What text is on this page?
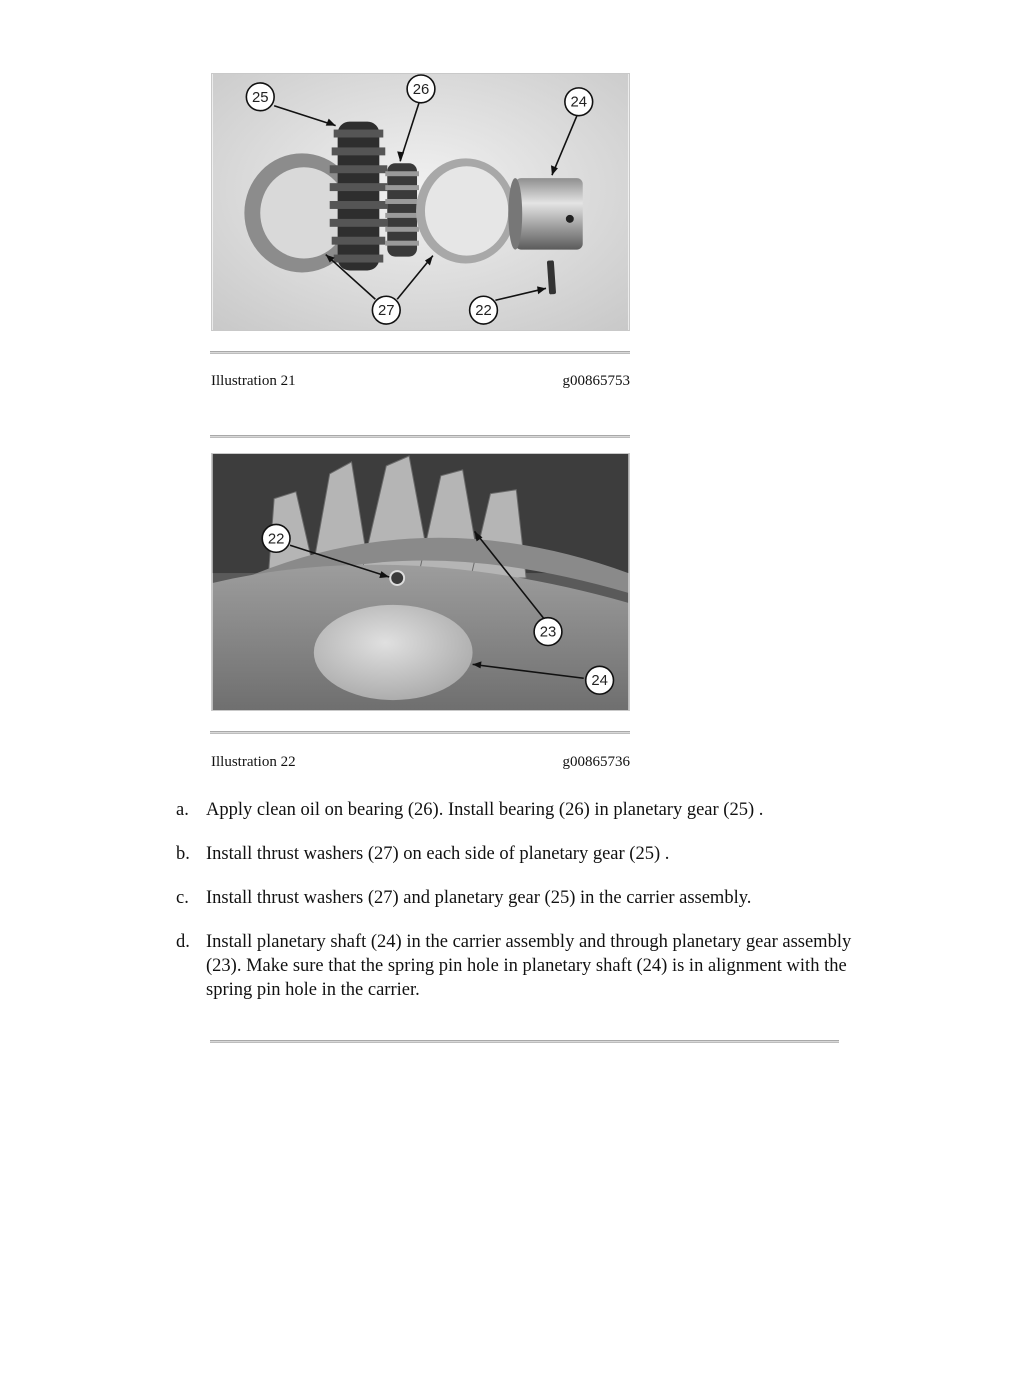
25	26
24
27	22
Illustration 21	g00865753
22
23
24
Illustration 22	g00865736
a. Apply clean oil on bearing (26). Install bearing (26) in planetary gear (25) .
b. Install thrust washers (27) on each side of planetary gear (25) .
c. Install thrust washers (27) and planetary gear (25) in the carrier assembly.
d. Install planetary shaft (24) in the carrier assembly and through planetary gear assembly (23). Make sure that the spring pin hole in planetary shaft (24) is in alignment with the spring pin hole in the carrier.
